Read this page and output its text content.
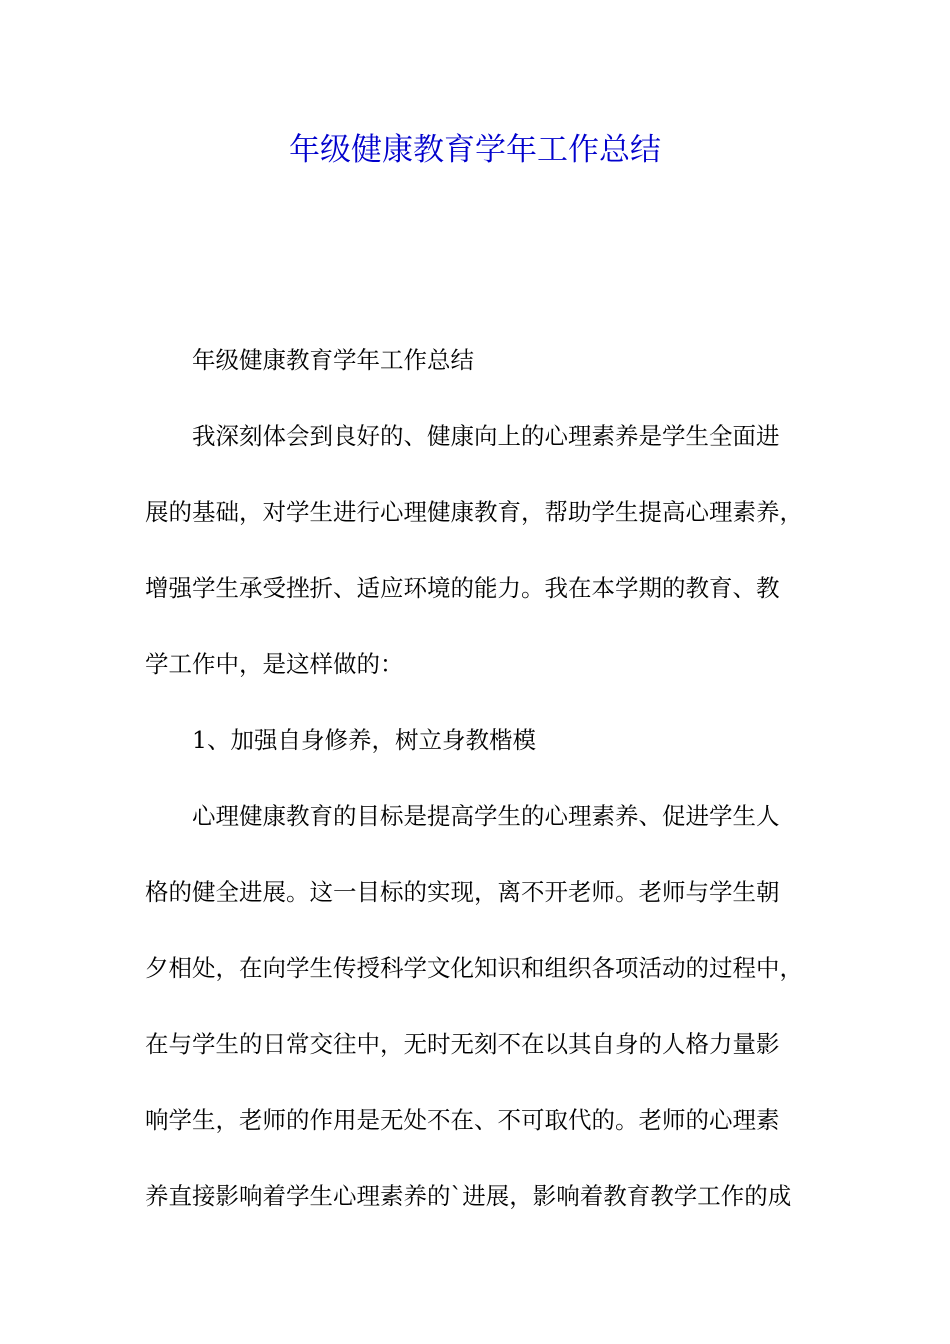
年级健康教育学年工作总结
年级健康教育学年工作总结
我深刻体会到良好的、健康向上的心理素养是学生全面进
展的基础，对学生进行心理健康教育，帮助学生提高心理素养，
增强学生承受挫折、适应环境的能力。我在本学期的教育、教
学工作中，是这样做的：
1、加强自身修养，树立身教楷模
心理健康教育的目标是提高学生的心理素养、促进学生人
格的健全进展。这一目标的实现，离不开老师。老师与学生朝
夕相处，在向学生传授科学文化知识和组织各项活动的过程中，
在与学生的日常交往中，无时无刻不在以其自身的人格力量影
响学生，老师的作用是无处不在、不可取代的。老师的心理素
养直接影响着学生心理素养的`进展，影响着教育教学工作的成
